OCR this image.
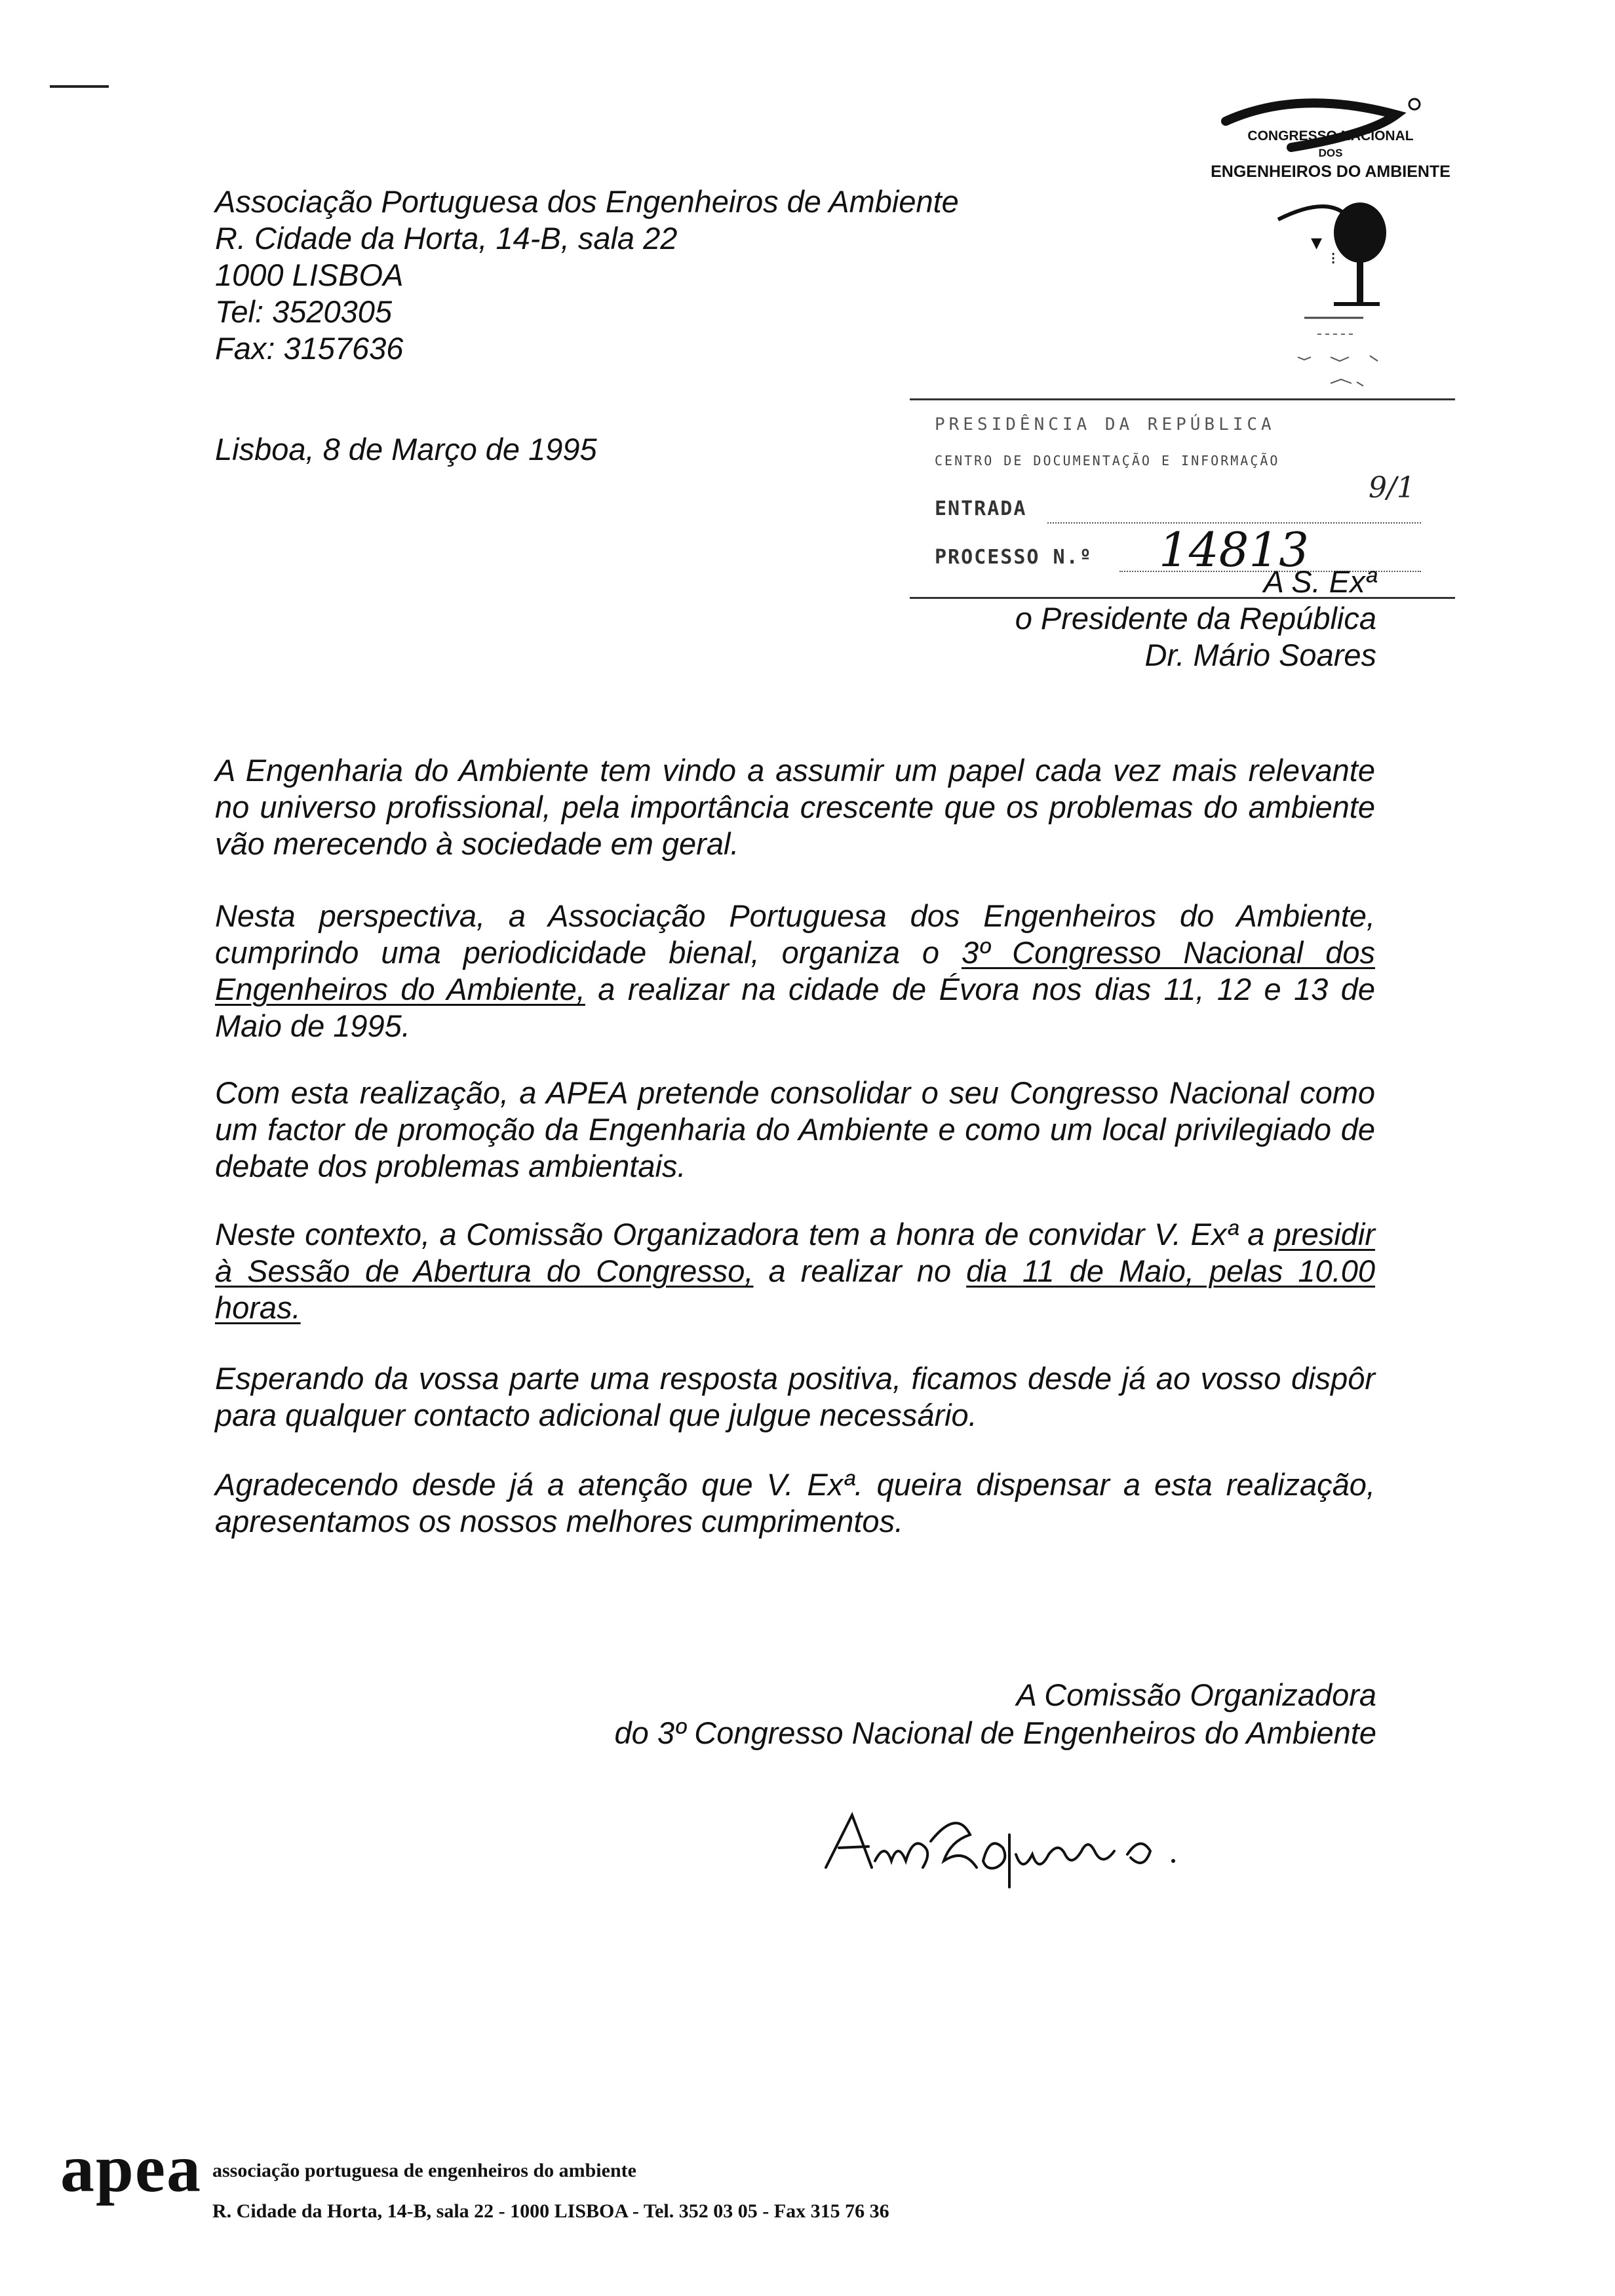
▾
⁝
CONGRESSO NACIONAL
DOS
ENGENHEIROS DO AMBIENTE
Associação Portuguesa dos Engenheiros de Ambiente
R. Cidade da Horta, 14-B, sala 22
1000 LISBOA
Tel: 3520305
Fax: 3157636
Lisboa, 8 de Março de 1995
PRESIDÊNCIA DA REPÚBLICA
CENTRO DE DOCUMENTAÇÃO E INFORMAÇÃO
ENTRADA
PROCESSO N.º 14813
9/1
A S. Exª
o Presidente da República
Dr. Mário Soares
A Engenharia do Ambiente tem vindo a assumir um papel cada vez mais relevante no universo profissional, pela importância crescente que os problemas do ambiente vão merecendo à sociedade em geral.
Nesta perspectiva, a Associação Portuguesa dos Engenheiros do Ambiente, cumprindo uma periodicidade bienal, organiza o 3º Congresso Nacional dos Engenheiros do Ambiente, a realizar na cidade de Évora nos dias 11, 12 e 13 de Maio de 1995.
Com esta realização, a APEA pretende consolidar o seu Congresso Nacional como um factor de promoção da Engenharia do Ambiente e como um local privilegiado de debate dos problemas ambientais.
Neste contexto, a Comissão Organizadora tem a honra de convidar V. Exª a presidir à Sessão de Abertura do Congresso, a realizar no dia 11 de Maio, pelas 10.00 horas.
Esperando da vossa parte uma resposta positiva, ficamos desde já ao vosso dispôr para qualquer contacto adicional que julgue necessário.
Agradecendo desde já a atenção que V. Exª. queira dispensar a esta realização, apresentamos os nossos melhores cumprimentos.
A Comissão Organizadora
do 3º Congresso Nacional de Engenheiros do Ambiente
apea associação portuguesa de engenheiros do ambiente
R. Cidade da Horta, 14-B, sala 22 - 1000 LISBOA - Tel. 352 03 05 - Fax 315 76 36
